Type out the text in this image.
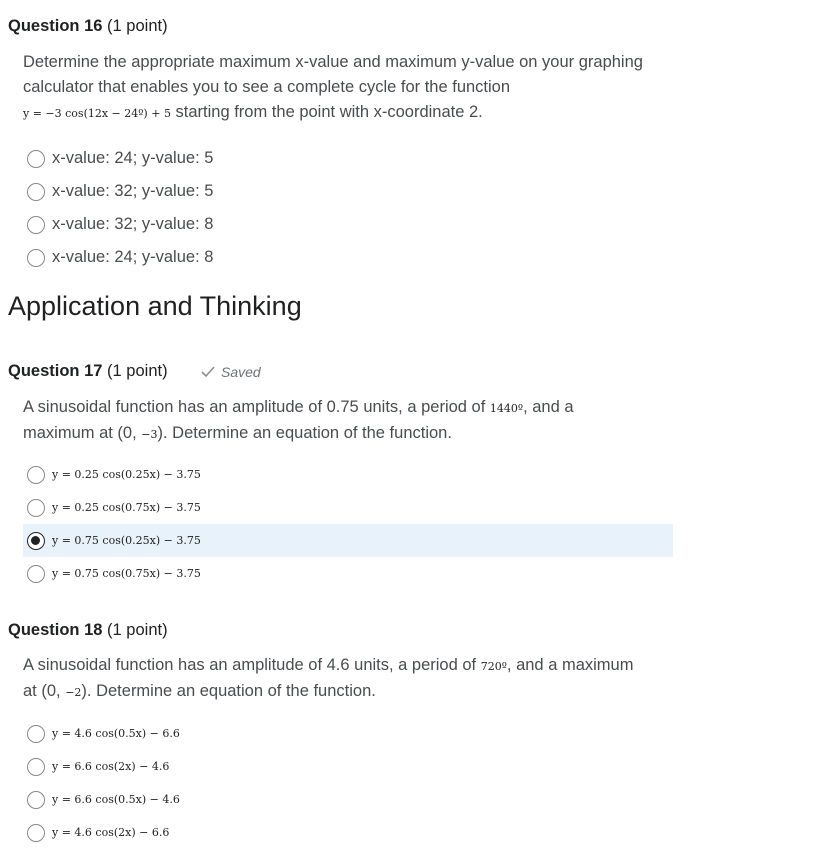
Question 16 (1 point)
Determine the appropriate maximum x-value and maximum y-value on your graphing
calculator that enables you to see a complete cycle for the function
y = −3 cos(12x − 24º) + 5 starting from the point with x-coordinate 2.
x-value: 24; y-value: 5
x-value: 32; y-value: 5
x-value: 32; y-value: 8
x-value: 24; y-value: 8
Application and Thinking
Question 17 (1 point)	Saved
A sinusoidal function has an amplitude of 0.75 units, a period of 1440º, and a
maximum at (0, −3). Determine an equation of the function.
y = 0.25 cos(0.25x) − 3.75
y = 0.25 cos(0.75x) − 3.75
y = 0.75 cos(0.25x) − 3.75
y = 0.75 cos(0.75x) − 3.75
Question 18 (1 point)
A sinusoidal function has an amplitude of 4.6 units, a period of 720º, and a maximum
at (0, −2). Determine an equation of the function.
y = 4.6 cos(0.5x) − 6.6
y = 6.6 cos(2x) − 4.6
y = 6.6 cos(0.5x) − 4.6
y = 4.6 cos(2x) − 6.6
